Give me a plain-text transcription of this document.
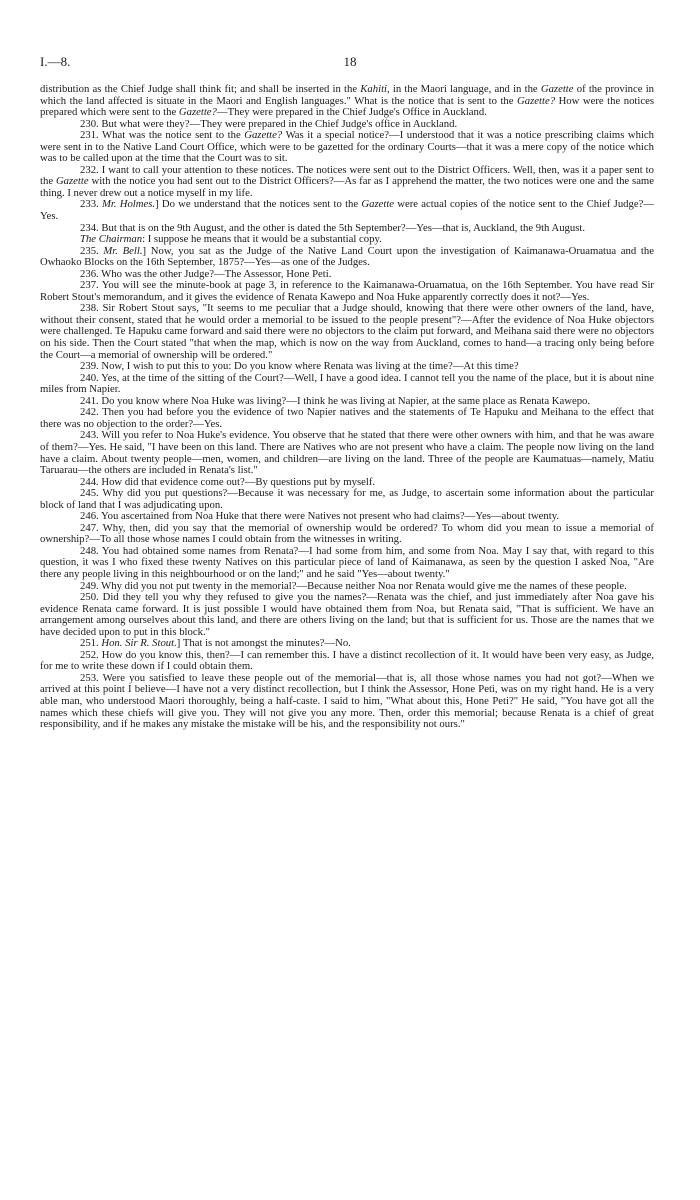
I.—8.	18

distribution as the Chief Judge shall think fit; and shall be inserted in the Kahiti, in the Maori language, and in the Gazette of the province in which the land affected is situate in the Maori and English languages." What is the notice that is sent to the Gazette? How were the notices prepared which were sent to the Gazette?—They were prepared in the Chief Judge's Office in Auckland.

230. But what were they?—They were prepared in the Chief Judge's office in Auckland.

231. What was the notice sent to the Gazette? Was it a special notice?—I understood that it was a notice prescribing claims which were sent in to the Native Land Court Office, which were to be gazetted for the ordinary Courts—that it was a mere copy of the notice which was to be called upon at the time that the Court was to sit.

232. I want to call your attention to these notices. The notices were sent out to the District Officers. Well, then, was it a paper sent to the Gazette with the notice you had sent out to the District Officers?—As far as I apprehend the matter, the two notices were one and the same thing. I never drew out a notice myself in my life.

233. Mr. Holmes.] Do we understand that the notices sent to the Gazette were actual copies of the notice sent to the Chief Judge?—Yes.

234. But that is on the 9th August, and the other is dated the 5th September?—Yes—that is, Auckland, the 9th August.

The Chairman: I suppose he means that it would be a substantial copy.

235. Mr. Bell.] Now, you sat as the Judge of the Native Land Court upon the investigation of Kaimanawa-Oruamatua and the Owhaoko Blocks on the 16th September, 1875?—Yes—as one of the Judges.

236. Who was the other Judge?—The Assessor, Hone Peti.

237. You will see the minute-book at page 3, in reference to the Kaimanawa-Oruamatua, on the 16th September. You have read Sir Robert Stout's memorandum, and it gives the evidence of Renata Kawepo and Noa Huke apparently correctly does it not?—Yes.

238. Sir Robert Stout says, "It seems to me peculiar that a Judge should, knowing that there were other owners of the land, have, without their consent, stated that he would order a memorial to be issued to the people present"?—After the evidence of Noa Huke objectors were challenged. Te Hapuku came forward and said there were no objectors to the claim put forward, and Meihana said there were no objectors on his side. Then the Court stated "that when the map, which is now on the way from Auckland, comes to hand—a tracing only being before the Court—a memorial of ownership will be ordered."

239. Now, I wish to put this to you: Do you know where Renata was living at the time?—At this time?

240. Yes, at the time of the sitting of the Court?—Well, I have a good idea. I cannot tell you the name of the place, but it is about nine miles from Napier.

241. Do you know where Noa Huke was living?—I think he was living at Napier, at the same place as Renata Kawepo.

242. Then you had before you the evidence of two Napier natives and the statements of Te Hapuku and Meihana to the effect that there was no objection to the order?—Yes.

243. Will you refer to Noa Huke's evidence. You observe that he stated that there were other owners with him, and that he was aware of them?—Yes. He said, "I have been on this land. There are Natives who are not present who have a claim. The people now living on the land have a claim. About twenty people—men, women, and children—are living on the land. Three of the people are Kaumatuas—namely, Matiu Taruarau—the others are included in Renata's list."

244. How did that evidence come out?—By questions put by myself.

245. Why did you put questions?—Because it was necessary for me, as Judge, to ascertain some information about the particular block of land that I was adjudicating upon.

246. You ascertained from Noa Huke that there were Natives not present who had claims?—Yes—about twenty.

247. Why, then, did you say that the memorial of ownership would be ordered? To whom did you mean to issue a memorial of ownership?—To all those whose names I could obtain from the witnesses in writing.

248. You had obtained some names from Renata?—I had some from him, and some from Noa. May I say that, with regard to this question, it was I who fixed these twenty Natives on this particular piece of land of Kaimanawa, as seen by the question I asked Noa, "Are there any people living in this neighbourhood or on the land;" and he said "Yes—about twenty."

249. Why did you not put twenty in the memorial?—Because neither Noa nor Renata would give me the names of these people.

250. Did they tell you why they refused to give you the names?—Renata was the chief, and just immediately after Noa gave his evidence Renata came forward. It is just possible I would have obtained them from Noa, but Renata said, "That is sufficient. We have an arrangement among ourselves about this land, and there are others living on the land; but that is sufficient for us. Those are the names that we have decided upon to put in this block."

251. Hon. Sir R. Stout.] That is not amongst the minutes?—No.

252. How do you know this, then?—I can remember this. I have a distinct recollection of it. It would have been very easy, as Judge, for me to write these down if I could obtain them.

253. Were you satisfied to leave these people out of the memorial—that is, all those whose names you had not got?—When we arrived at this point I believe—I have not a very distinct recollection, but I think the Assessor, Hone Peti, was on my right hand. He is a very able man, who understood Maori thoroughly, being a half-caste. I said to him, "What about this, Hone Peti?" He said, "You have got all the names which these chiefs will give you. They will not give you any more. Then, order this memorial; because Renata is a chief of great responsibility, and if he makes any mistake the mistake will be his, and the responsibility not ours."
